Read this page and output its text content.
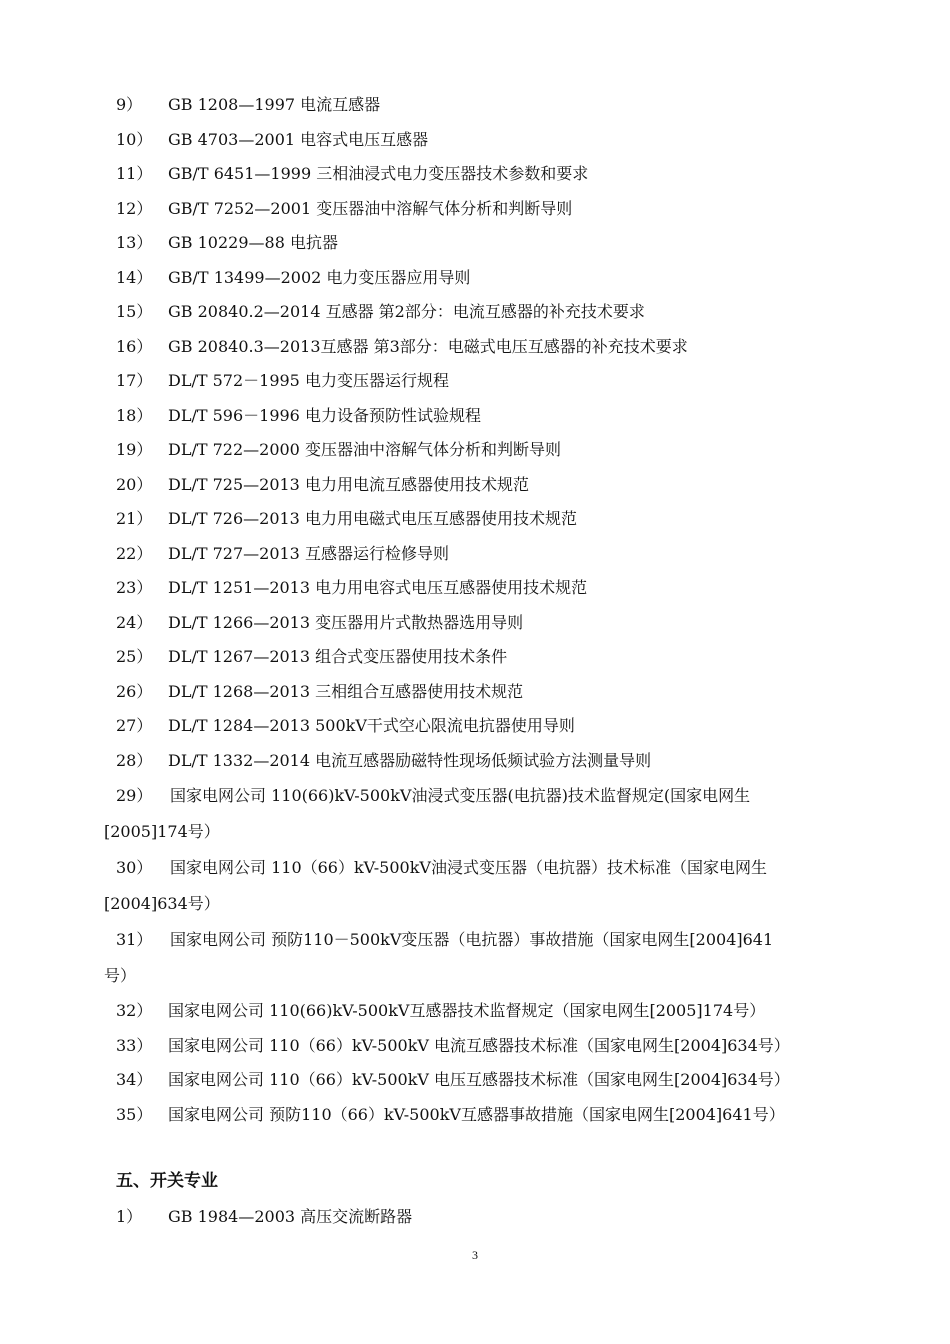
9） GB 1208—1997 电流互感器
10） GB 4703—2001 电容式电压互感器
11） GB/T 6451—1999 三相油浸式电力变压器技术参数和要求
12） GB/T 7252—2001 变压器油中溶解气体分析和判断导则
13） GB 10229—88 电抗器
14） GB/T 13499—2002 电力变压器应用导则
15） GB 20840.2—2014 互感器 第2部分：电流互感器的补充技术要求
16） GB 20840.3—2013互感器 第3部分：电磁式电压互感器的补充技术要求
17） DL/T 572－1995 电力变压器运行规程
18） DL/T 596－1996 电力设备预防性试验规程
19） DL/T 722—2000 变压器油中溶解气体分析和判断导则
20） DL/T 725—2013 电力用电流互感器使用技术规范
21） DL/T 726—2013 电力用电磁式电压互感器使用技术规范
22） DL/T 727—2013 互感器运行检修导则
23） DL/T 1251—2013 电力用电容式电压互感器使用技术规范
24） DL/T 1266—2013 变压器用片式散热器选用导则
25） DL/T 1267—2013 组合式变压器使用技术条件
26） DL/T 1268—2013 三相组合互感器使用技术规范
27） DL/T 1284—2013 500kV干式空心限流电抗器使用导则
28） DL/T 1332—2014 电流互感器励磁特性现场低频试验方法测量导则
29） 国家电网公司 110(66)kV-500kV油浸式变压器(电抗器)技术监督规定(国家电网生
[2005]174号）
30） 国家电网公司 110（66）kV-500kV油浸式变压器（电抗器）技术标准（国家电网生
[2004]634号）
31） 国家电网公司 预防110－500kV变压器（电抗器）事故措施（国家电网生[2004]641
号）
32） 国家电网公司 110(66)kV-500kV互感器技术监督规定（国家电网生[2005]174号）
33） 国家电网公司 110（66）kV-500kV 电流互感器技术标准（国家电网生[2004]634号）
34） 国家电网公司 110（66）kV-500kV 电压互感器技术标准（国家电网生[2004]634号）
35） 国家电网公司 预防110（66）kV-500kV互感器事故措施（国家电网生[2004]641号）
五、开关专业
1） GB 1984—2003 高压交流断路器
3
